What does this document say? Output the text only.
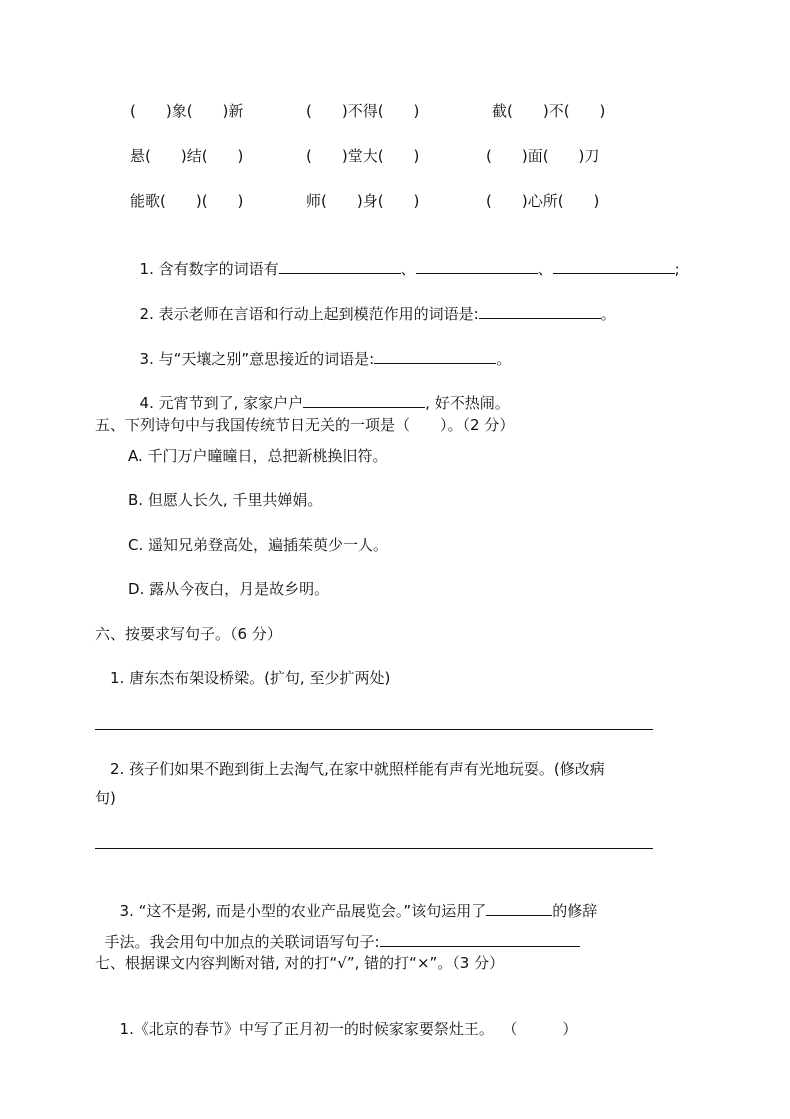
(　　)象(　　)新	(　　)不得(　　)	截(　　)不(　　)
悬(　　)结(　　)	(　　)堂大(　　)	(　　)面(　　)刀
能歌(　　)(　　)	师(　　)身(　　)	(　　)心所(　　)

1. 含有数字的词语有	、	、	;

2. 表示老师在言语和行动上起到模范作用的词语是:	。

3. 与“天壤之别”意思接近的词语是:	。

4. 元宵节到了, 家家户户	, 好不热闹。

五、下列诗句中与我国传统节日无关的一项是（　　）。（2 分）
A. 千门万户曈曈日，总把新桃换旧符。
B. 但愿人长久, 千里共婵娟。
C. 遥知兄弟登高处，遍插茱萸少一人。
D. 露从今夜白，月是故乡明。
六、按要求写句子。（6 分）
1. 唐东杰布架设桥梁。(扩句, 至少扩两处)
2. 孩子们如果不跑到街上去淘气,在家中就照样能有声有光地玩耍。(修改病
句)

3. “这不是粥, 而是小型的农业产品展览会。”该句运用了	的修辞

手法。我会用句中加点的关联词语写句子:

七、根据课文内容判断对错, 对的打“√”, 错的打“×”。（3 分）

1.《北京的春节》中写了正月初一的时候家家要祭灶王。 （　　　）
